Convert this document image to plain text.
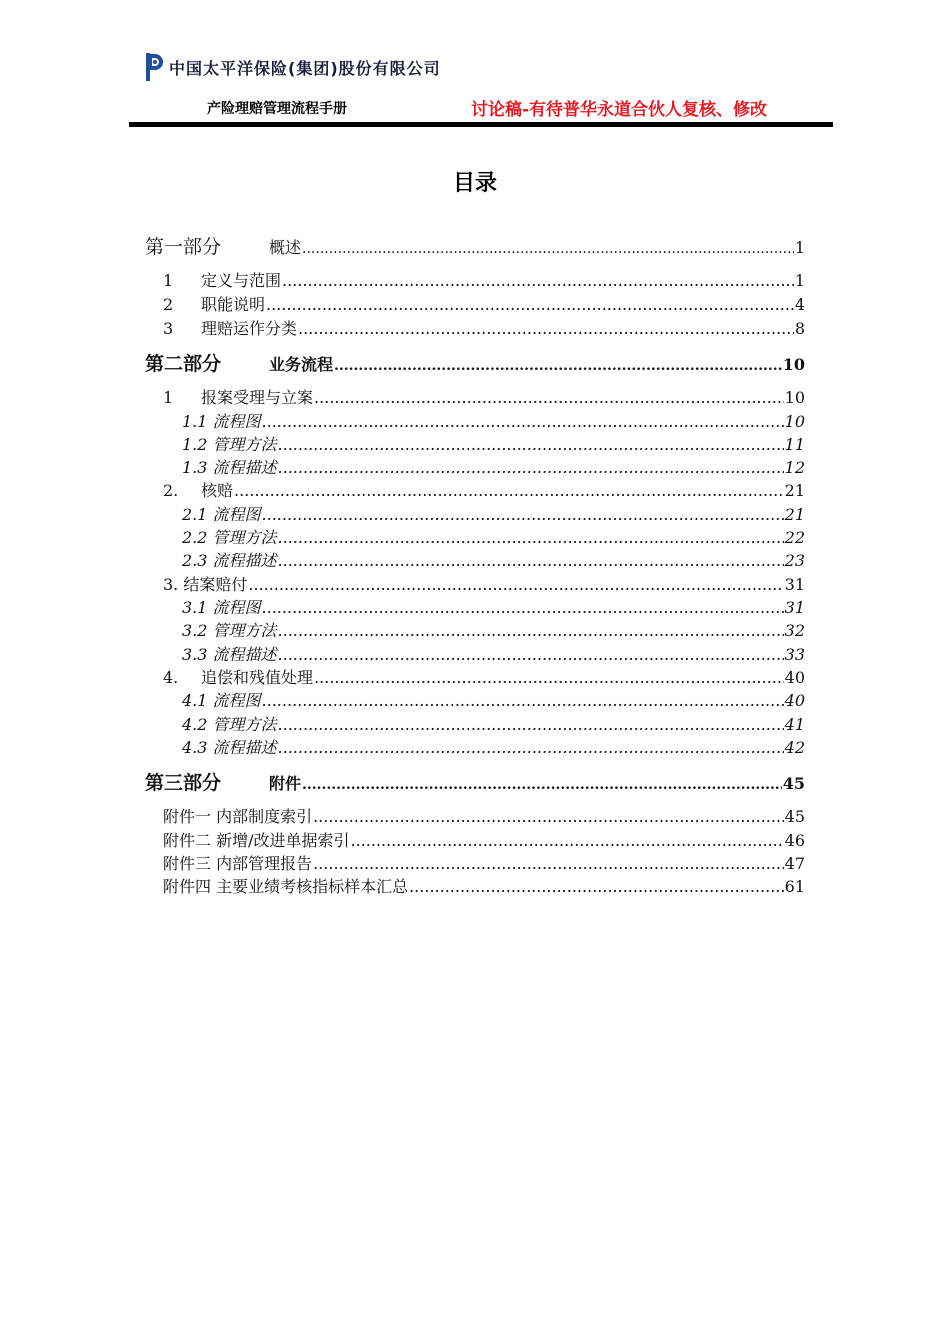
中国太平洋保险(集团)股份有限公司
产险理赔管理流程手册	讨论稿-有待普华永道合伙人复核、修改
目录
第一部分	概述 .....	1
1 定义与范围 .....	1
2 职能说明 .....	4
3 理赔运作分类 .....	8
第二部分	业务流程 .....	10
1 报案受理与立案 .....	10
1.1 流程图 .....	10
1.2 管理方法 .....	11
1.3 流程描述 .....	12
2. 核赔 .....	21
2.1 流程图 .....	21
2.2 管理方法 .....	22
2.3 流程描述 .....	23
3. 结案赔付 .....	31
3.1 流程图 .....	31
3.2 管理方法 .....	32
3.3 流程描述 .....	33
4. 追偿和残值处理 .....	40
4.1 流程图 .....	40
4.2 管理方法 .....	41
4.3 流程描述 .....	42
第三部分	附件 .....	45
附件一 内部制度索引 .....	45
附件二 新增/改进单据索引 .....	46
附件三 内部管理报告 .....	47
附件四 主要业绩考核指标样本汇总 .....	61
